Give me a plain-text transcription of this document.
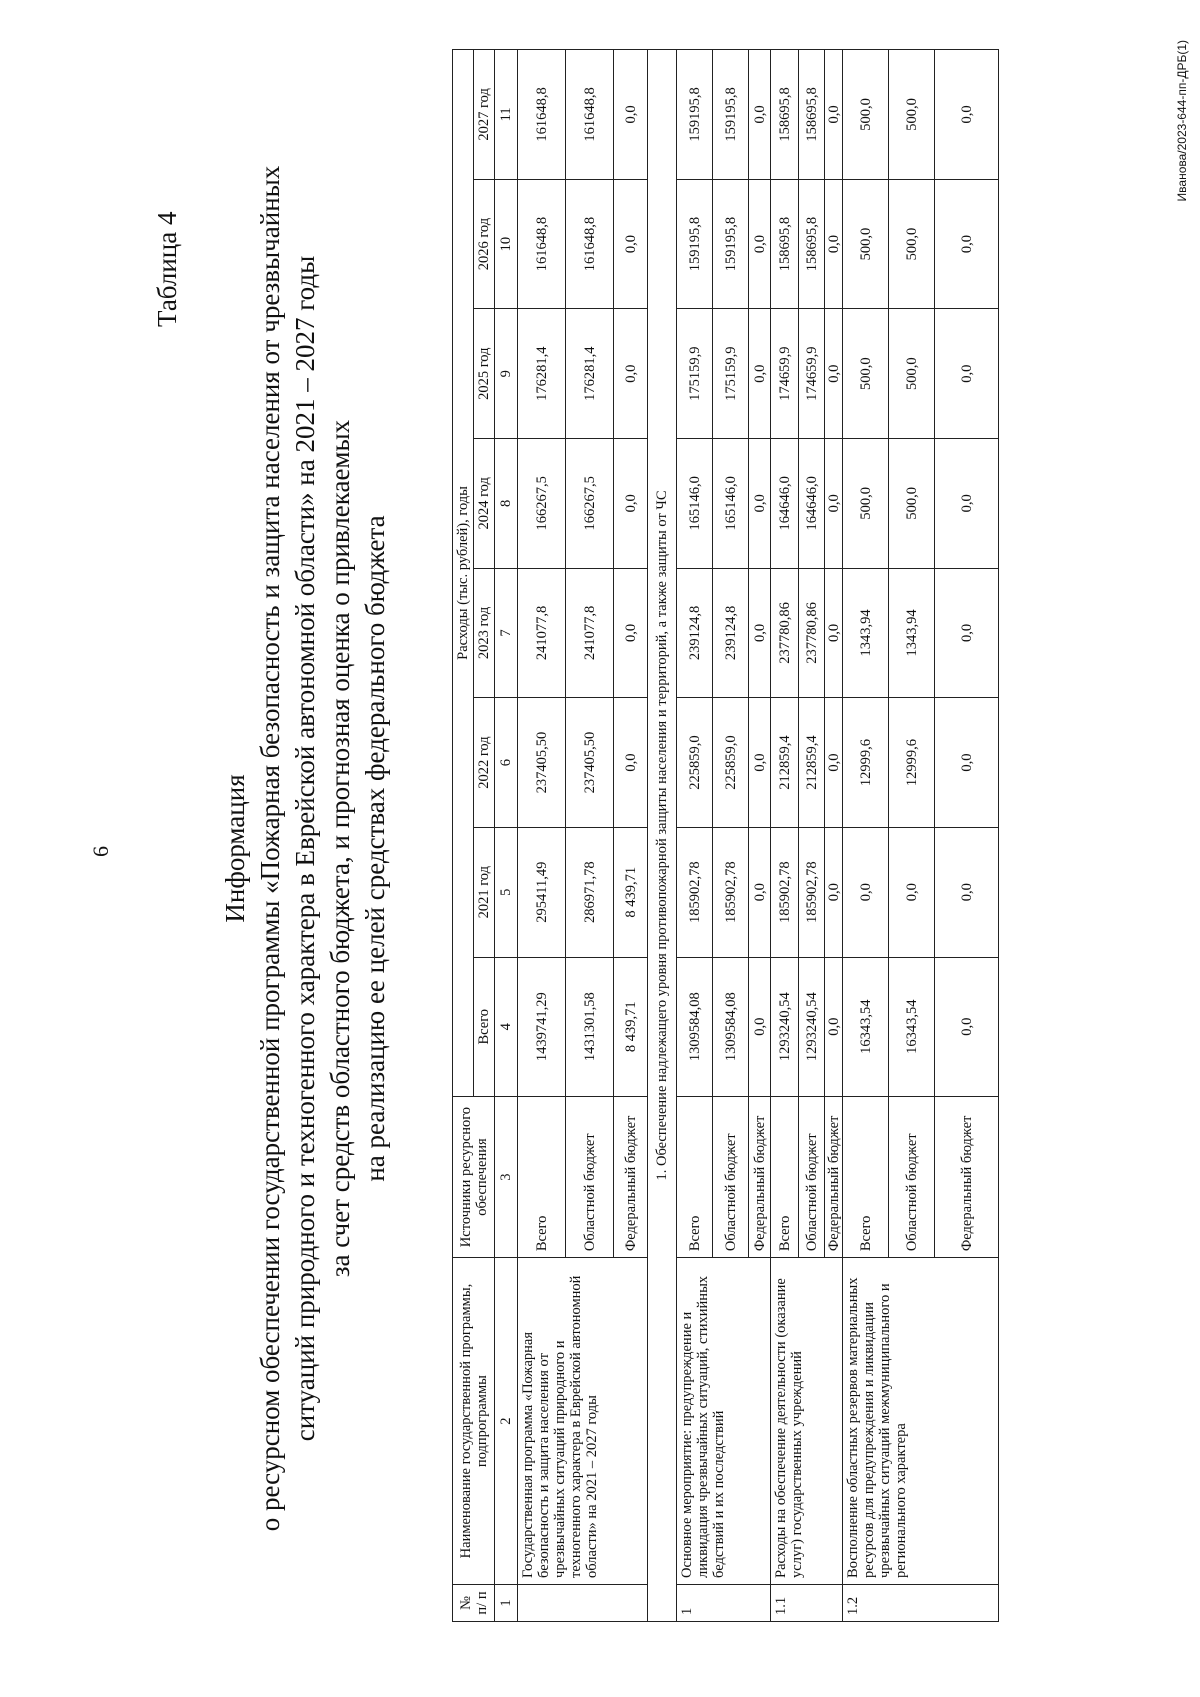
6
Таблица 4
Информация о ресурсном обеспечении государственной программы «Пожарная безопасность и защита населения от чрезвычайных ситуаций природного и техногенного характера в Еврейской автономной области» на 2021 – 2027 годы за счет средств областного бюджета, и прогнозная оценка о привлекаемых на реализацию ее целей средствах федерального бюджета
№ п/ п	Наименование государственной программы, подпрограммы	Источники ресурсного обеспечения	Расходы (тыс. рублей), годы							
			Всего	2021 год	2022 год	2023 год	2024 год	2025 год	2026 год	2027 год
1	2	3	4	5	6	7	8	9	10	11
	Государственная программа «Пожарная безопасность и защита населения от чрезвычайных ситуаций природного и техногенного характера в Еврейской автономной области» на 2021 – 2027 годы	Всего	1439741,29	295411,49	237405,50	241077,8	166267,5	176281,4	161648,8	161648,8
		Областной бюджет	1431301,58	286971,78	237405,50	241077,8	166267,5	176281,4	161648,8	161648,8
		Федеральный бюджет	8 439,71	8 439,71	0,0	0,0	0,0	0,0	0,0	0,0
1. Обеспечение надлежащего уровня противопожарной защиты населения и территорий, а также защиты от ЧС										
1	Основное мероприятие: предупреждение и ликвидация чрезвычайных ситуаций, стихийных бедствий и их последствий	Всего	1309584,08	185902,78	225859,0	239124,8	165146,0	175159,9	159195,8	159195,8
		Областной бюджет	1309584,08	185902,78	225859,0	239124,8	165146,0	175159,9	159195,8	159195,8
		Федеральный бюджет	0,0	0,0	0,0	0,0	0,0	0,0	0,0	0,0
1.1	Расходы на обеспечение деятельности (оказание услуг) государственных учреждений	Всего	1293240,54	185902,78	212859,4	237780,86	164646,0	174659,9	158695,8	158695,8
		Областной бюджет	1293240,54	185902,78	212859,4	237780,86	164646,0	174659,9	158695,8	158695,8
		Федеральный бюджет	0,0	0,0	0,0	0,0	0,0	0,0	0,0	0,0
1.2	Восполнение областных резервов материальных ресурсов для предупреждения и ликвидации чрезвычайных ситуаций межмуниципального и регионального характера	Всего	16343,54	0,0	12999,6	1343,94	500,0	500,0	500,0	500,0
		Областной бюджет	16343,54	0,0	12999,6	1343,94	500,0	500,0	500,0	500,0
		Федеральный бюджет	0,0	0,0	0,0	0,0	0,0	0,0	0,0	0,0	Иванова/2023-644-пп-ДРБ(1)
